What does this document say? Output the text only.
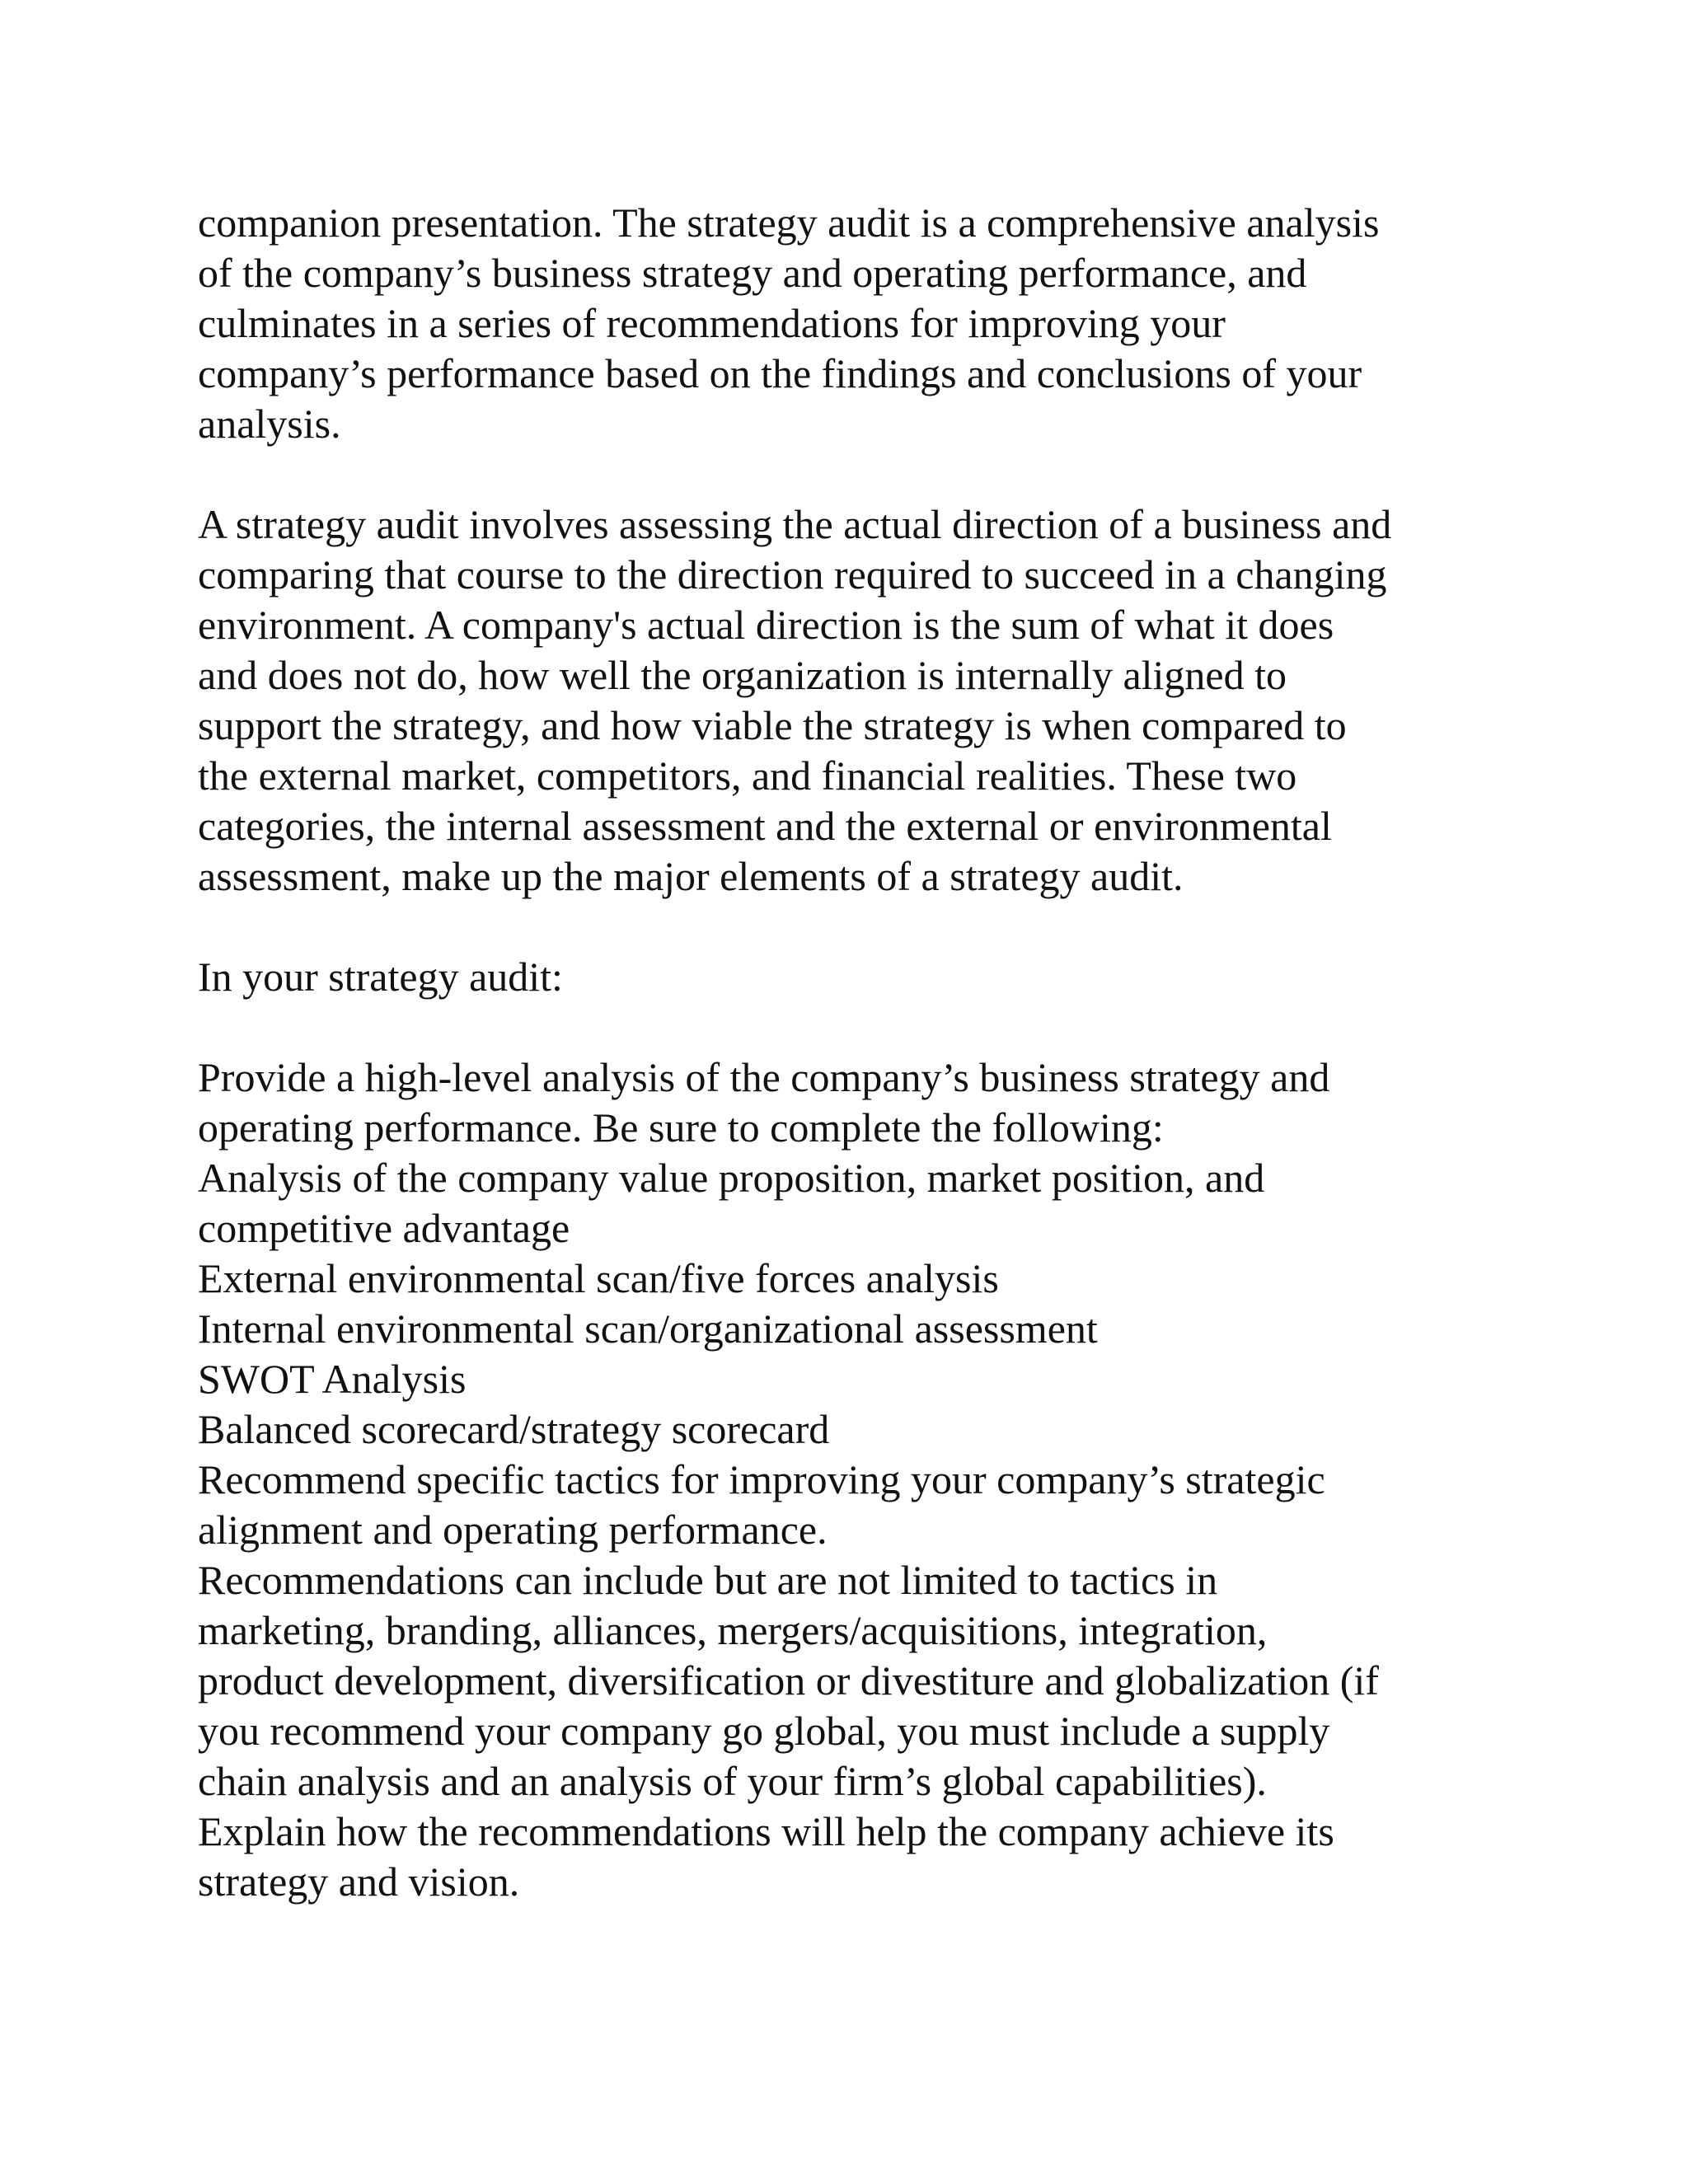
companion presentation. The strategy audit is a comprehensive analysis
of the company’s business strategy and operating performance, and
culminates in a series of recommendations for improving your
company’s performance based on the findings and conclusions of your
analysis.
A strategy audit involves assessing the actual direction of a business and
comparing that course to the direction required to succeed in a changing
environment. A company's actual direction is the sum of what it does
and does not do, how well the organization is internally aligned to
support the strategy, and how viable the strategy is when compared to
the external market, competitors, and financial realities. These two
categories, the internal assessment and the external or environmental
assessment, make up the major elements of a strategy audit.
In your strategy audit:
Provide a high-level analysis of the company’s business strategy and
operating performance. Be sure to complete the following:
Analysis of the company value proposition, market position, and
competitive advantage
External environmental scan/five forces analysis
Internal environmental scan/organizational assessment
SWOT Analysis
Balanced scorecard/strategy scorecard
Recommend specific tactics for improving your company’s strategic
alignment and operating performance.
Recommendations can include but are not limited to tactics in
marketing, branding, alliances, mergers/acquisitions, integration,
product development, diversification or divestiture and globalization (if
you recommend your company go global, you must include a supply
chain analysis and an analysis of your firm’s global capabilities).
Explain how the recommendations will help the company achieve its
strategy and vision.
